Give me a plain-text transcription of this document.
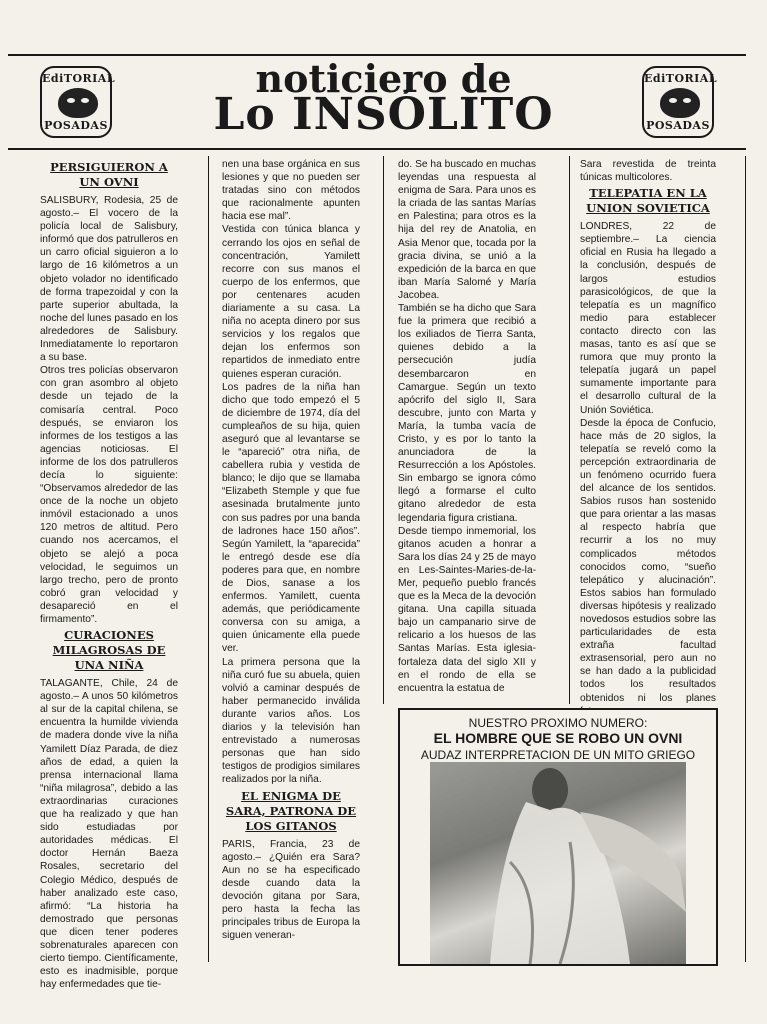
EdiTORIAL
POSADAS
EdiTORIAL
POSADAS
noticiero de
Lo INSÓLITO
PERSIGUIERON A UN OVNI

SALISBURY, Rodesia, 25 de agosto.– El vocero de la policía local de Salisbury, informó que dos patrulleros en un carro oficial siguieron a lo largo de 16 kilómetros a un objeto volador no identificado de forma trapezoidal y con la parte superior abultada, la noche del lunes pasado en los alrededores de Salisbury. Inmediatamente lo reportaron a su base.

Otros tres policías observaron con gran asombro al objeto desde un tejado de la comisaría central. Poco después, se enviaron los informes de los testigos a las agencias noticiosas. El informe de los dos patrulleros decía lo siguiente: “Observamos alrededor de las once de la noche un objeto inmóvil estacionado a unos 120 metros de altitud. Pero cuando nos acercamos, el objeto se alejó a poca velocidad, le seguimos un largo trecho, pero de pronto cobró gran velocidad y desapareció en el firmamento”.

CURACIONES MILAGROSAS DE UNA NIÑA

TALAGANTE, Chile, 24 de agosto.– A unos 50 kilómetros al sur de la capital chilena, se encuentra la humilde vivienda de madera donde vive la niña Yamilett Díaz Parada, de diez años de edad, a quien la prensa internacional llama “niña milagrosa”, debido a las extraordinarias curaciones que ha realizado y que han sido estudiadas por autoridades médicas. El doctor Hernán Baeza Rosales, secretario del Colegio Médico, después de haber analizado este caso, afirmó: “La historia ha demostrado que personas que dicen tener poderes sobrenaturales aparecen con cierto tiempo. Científicamente, esto es inadmisible, porque hay enfermedades que tie-

nen una base orgánica en sus lesiones y que no pueden ser tratadas sino con métodos que racionalmente apunten hacia ese mal”.

Vestida con túnica blanca y cerrando los ojos en señal de concentración, Yamilett recorre con sus manos el cuerpo de los enfermos, que por centenares acuden diariamente a su casa. La niña no acepta dinero por sus servicios y los regalos que dejan los enfermos son repartidos de inmediato entre quienes esperan curación.

Los padres de la niña han dicho que todo empezó el 5 de diciembre de 1974, día del cumpleaños de su hija, quien aseguró que al levantarse se le “apareció” otra niña, de cabellera rubia y vestida de blanco; le dijo que se llamaba “Elizabeth Stemple y que fue asesinada brutalmente junto con sus padres por una banda de ladrones hace 150 años”. Según Yamilett, la “aparecida” le entregó desde ese día poderes para que, en nombre de Dios, sanase a los enfermos. Yamilett, cuenta además, que periódicamente conversa con su amiga, a quien únicamente ella puede ver.

La primera persona que la niña curó fue su abuela, quien volvió a caminar después de haber permanecido inválida durante varios años. Los diarios y la televisión han entrevistado a numerosas personas que han sido testigos de prodigios similares realizados por la niña.

EL ENIGMA DE SARA, PATRONA DE LOS GITANOS

PARIS, Francia, 23 de agosto.– ¿Quién era Sara? Aun no se ha especificado desde cuando data la devoción gitana por Sara, pero hasta la fecha las principales tribus de Europa la siguen veneran-

do. Se ha buscado en muchas leyendas una respuesta al enigma de Sara. Para unos es la criada de las santas Marías en Palestina; para otros es la hija del rey de Anatolia, en Asia Menor que, tocada por la gracia divina, se unió a la expedición de la barca en que iban María Salomé y María Jacobea.

También se ha dicho que Sara fue la primera que recibió a los exiliados de Tierra Santa, quienes debido a la persecución judía desembarcaron en Camargue. Según un texto apócrifo del siglo II, Sara descubre, junto con Marta y María, la tumba vacía de Cristo, y es por lo tanto la anunciadora de la Resurrección a los Apóstoles. Sin embargo se ignora cómo llegó a formarse el culto gitano alrededor de esta legendaria figura cristiana.

Desde tiempo inmemorial, los gitanos acuden a honrar a Sara los días 24 y 25 de mayo en Les-Saintes-Maries-de-la-Mer, pequeño pueblo francés que es la Meca de la devoción gitana. Una capilla situada bajo un campanario sirve de relicario a los huesos de las Santas Marías. Esta iglesia-fortaleza data del siglo XII y en el rondo de ella se encuentra la estatua de

Sara revestida de treinta túnicas multicolores.

TELEPATIA EN LA UNION SOVIETICA

LONDRES, 22 de septiembre.– La ciencia oficial en Rusia ha llegado a la conclusión, después de largos estudios parasicológicos, de que la telepatía es un magnífico medio para establecer contacto directo con las masas, tanto es así que se rumora que muy pronto la telepatía jugará un papel sumamente importante para el desarrollo cultural de la Unión Soviética.

Desde la época de Confucio, hace más de 20 siglos, la telepatía se reveló como la percepción extraordinaria de un fenómeno ocurrido fuera del alcance de los sentidos. Sabios rusos han sostenido que para orientar a las masas al respecto habría que recurrir a los no muy complicados métodos conocidos como, “sueño telepático y alucinación”. Estos sabios han formulado diversas hipótesis y realizado novedosos estudios sobre las particularidades de esta extraña facultad extrasensorial, pero aun no se han dado a la publicidad todos los resultados obtenidos ni los planes

NUESTRO PROXIMO NUMERO:
EL HOMBRE QUE SE ROBO UN OVNI
AUDAZ INTERPRETACION DE UN MITO GRIEGO
